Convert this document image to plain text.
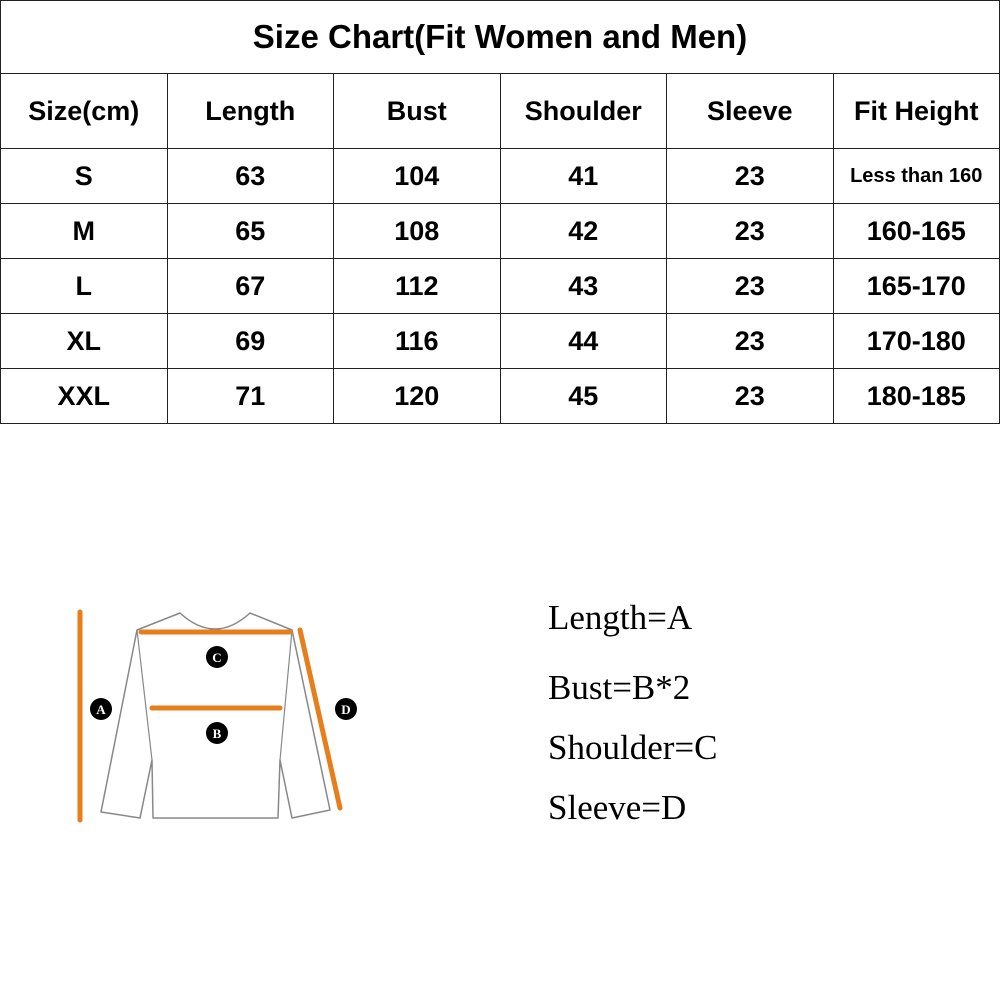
Size Chart(Fit Women and Men)					
Size(cm)	Length	Bust	Shoulder	Sleeve	Fit Height
S	63	104	41	23	Less than 160
M	65	108	42	23	160-165
L	67	112	43	23	165-170
XL	69	116	44	23	170-180
XXL	71	120	45	23	180-185
A
B
C
D
Length=A
Bust=B*2
Shoulder=C
Sleeve=D
